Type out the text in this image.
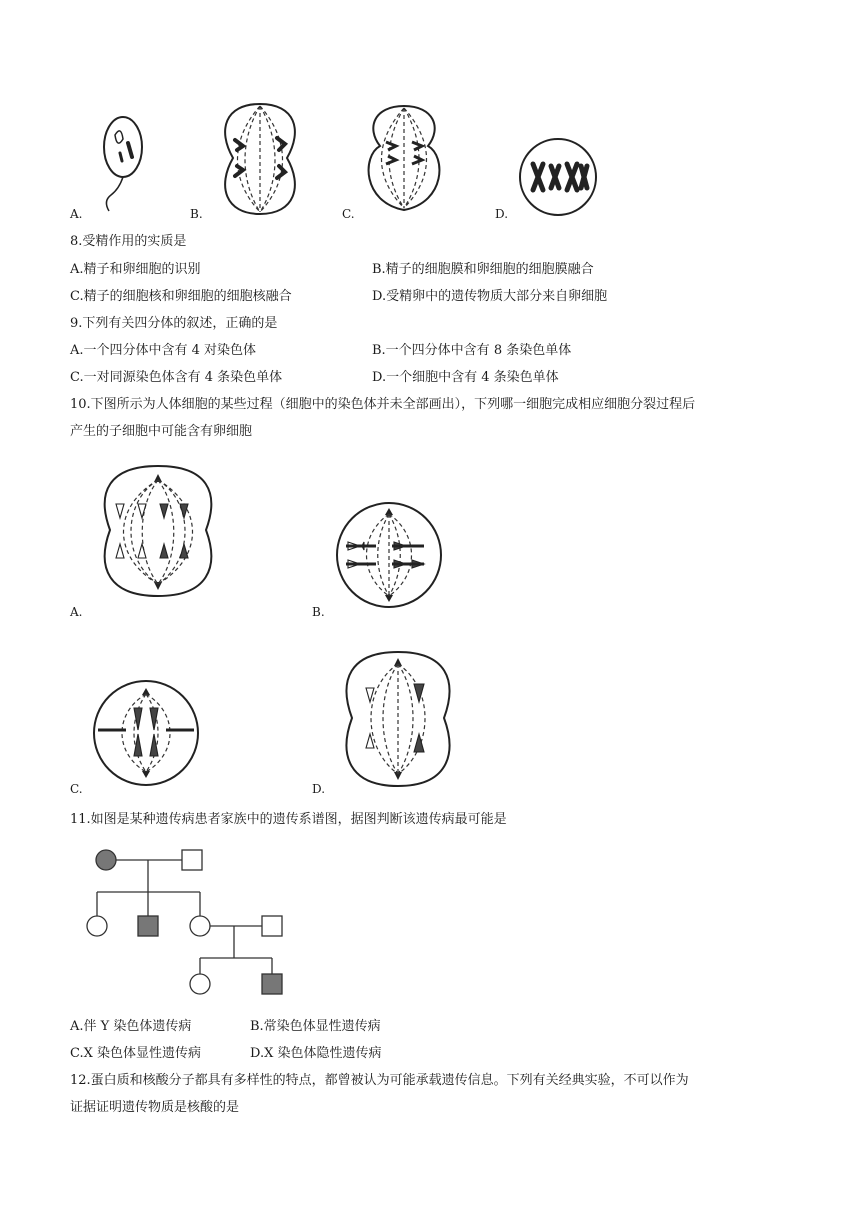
A.	B.	C.	D.
8.受精作用的实质是
A.精子和卵细胞的识别	B.精子的细胞膜和卵细胞的细胞膜融合
C.精子的细胞核和卵细胞的细胞核融合	D.受精卵中的遗传物质大部分来自卵细胞
9.下列有关四分体的叙述，正确的是
A.一个四分体中含有 4 对染色体	B.一个四分体中含有 8 条染色单体
C.一对同源染色体含有 4 条染色单体	D.一个细胞中含有 4 条染色单体
10.下图所示为人体细胞的某些过程（细胞中的染色体并未全部画出），下列哪一细胞完成相应细胞分裂过程后
产生的子细胞中可能含有卵细胞
A.	B.
C.	D.
11.如图是某种遗传病患者家族中的遗传系谱图，据图判断该遗传病最可能是
A.伴 Y 染色体遗传病	B.常染色体显性遗传病
C.X 染色体显性遗传病	D.X 染色体隐性遗传病
12.蛋白质和核酸分子都具有多样性的特点，都曾被认为可能承载遗传信息。下列有关经典实验，不可以作为
证据证明遗传物质是核酸的是
